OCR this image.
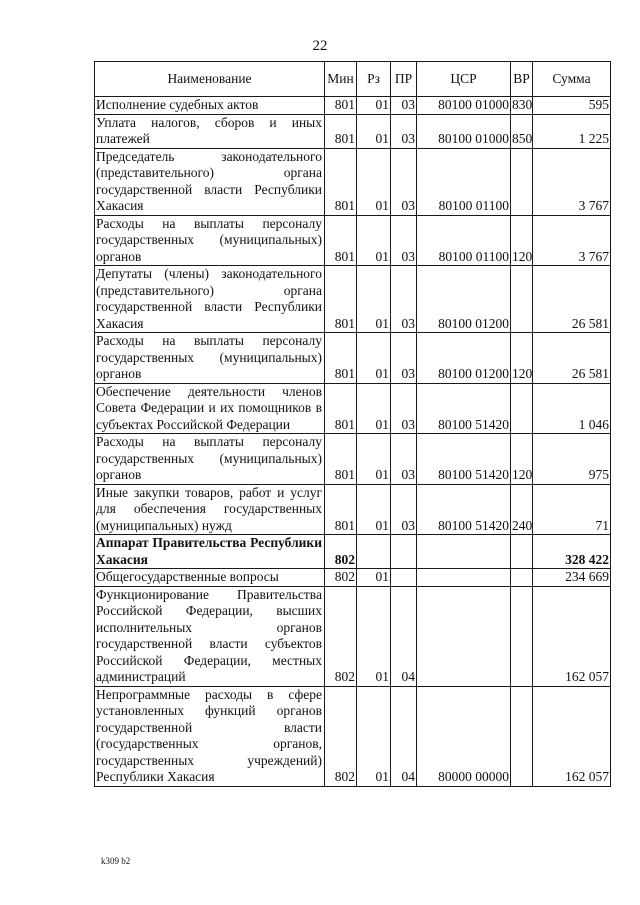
22
Наименование	Мин	Рз	ПР	ЦСР	ВР	Сумма
Исполнение судебных актов	801	01	03	80100 01000	830	595
Уплата налогов, сборов и иных платежей	801	01	03	80100 01000	850	1 225
Председатель законодательного (представительного) органа государственной власти Республики Хакасия	801	01	03	80100 01100		3 767
Расходы на выплаты персоналу государственных (муниципальных) органов	801	01	03	80100 01100	120	3 767
Депутаты (члены) законодательного (представительного) органа государственной власти Республики Хакасия	801	01	03	80100 01200		26 581
Расходы на выплаты персоналу государственных (муниципальных) органов	801	01	03	80100 01200	120	26 581
Обеспечение деятельности членов Совета Федерации и их помощников в субъектах Российской Федерации	801	01	03	80100 51420		1 046
Расходы на выплаты персоналу государственных (муниципальных) органов	801	01	03	80100 51420	120	975
Иные закупки товаров, работ и услуг для обеспечения государственных (муниципальных) нужд	801	01	03	80100 51420	240	71
Аппарат Правительства Республики Хакасия	802					328 422
Общегосударственные вопросы	802	01				234 669
Функционирование Правительства Российской Федерации, высших исполнительных органов государственной власти субъектов Российской Федерации, местных администраций	802	01	04			162 057
Непрограммные расходы в сфере установленных функций органов государственной власти (государственных органов, государственных учреждений) Республики Хакасия	802	01	04	80000 00000		162 057
k309 b2
